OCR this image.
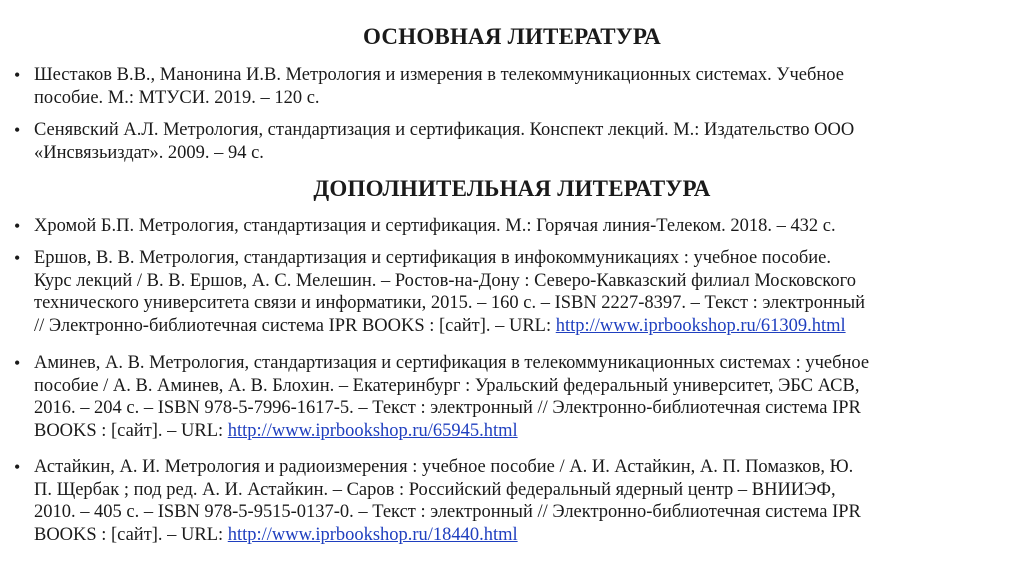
ОСНОВНАЯ ЛИТЕРАТУРА
• Шестаков В.В., Манонина И.В. Метрология и измерения в телекоммуникационных системах. Учебное
пособие. М.: МТУСИ. 2019. – 120 с.
• Сенявский А.Л. Метрология, стандартизация и сертификация. Конспект лекций. М.: Издательство ООО
«Инсвязьиздат». 2009. – 94 с.
ДОПОЛНИТЕЛЬНАЯ ЛИТЕРАТУРА
• Хромой Б.П. Метрология, стандартизация и сертификация. М.: Горячая линия-Телеком. 2018. – 432 с.
• Ершов, В. В. Метрология, стандартизация и сертификация в инфокоммуникациях : учебное пособие.
Курс лекций / В. В. Ершов, А. С. Мелешин. – Ростов-на-Дону : Северо-Кавказский филиал Московского
технического университета связи и информатики, 2015. – 160 с. – ISBN 2227-8397. – Текст : электронный
// Электронно-библиотечная система IPR BOOKS : [сайт]. – URL: http://www.iprbookshop.ru/61309.html
• Аминев, А. В. Метрология, стандартизация и сертификация в телекоммуникационных системах : учебное
пособие / А. В. Аминев, А. В. Блохин. – Екатеринбург : Уральский федеральный университет, ЭБС АСВ,
2016. – 204 с. – ISBN 978-5-7996-1617-5. – Текст : электронный // Электронно-библиотечная система IPR
BOOKS : [сайт]. – URL: http://www.iprbookshop.ru/65945.html
• Астайкин, А. И. Метрология и радиоизмерения : учебное пособие / А. И. Астайкин, А. П. Помазков, Ю.
П. Щербак ; под ред. А. И. Астайкин. – Саров : Российский федеральный ядерный центр – ВНИИЭФ,
2010. – 405 с. – ISBN 978-5-9515-0137-0. – Текст : электронный // Электронно-библиотечная система IPR
BOOKS : [сайт]. – URL: http://www.iprbookshop.ru/18440.html
